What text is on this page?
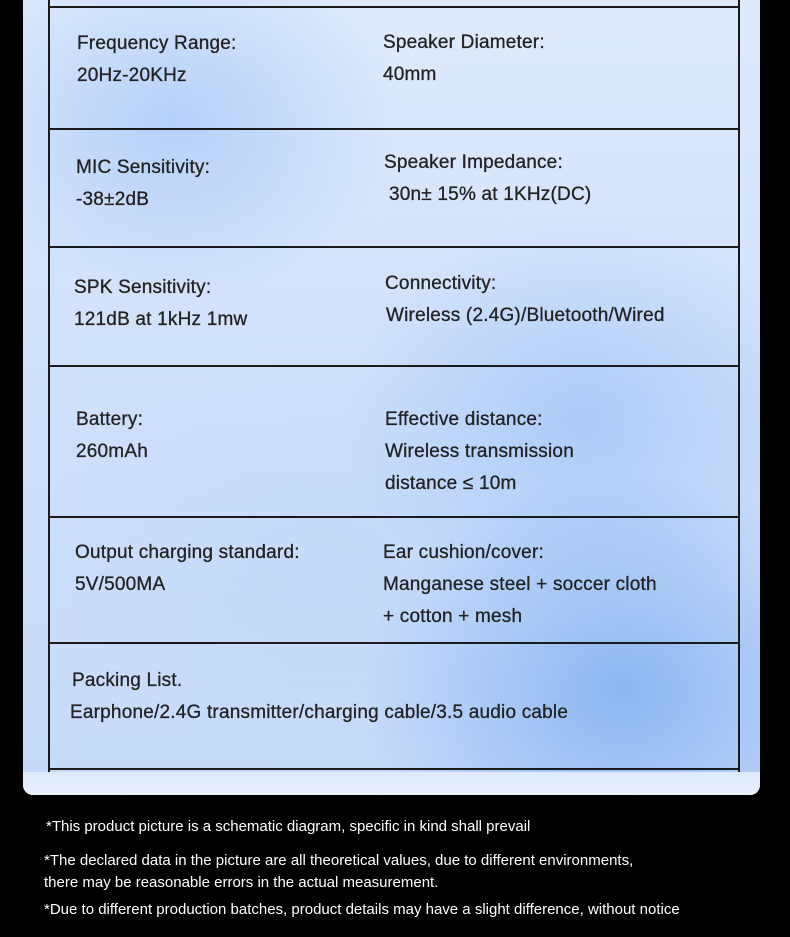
Frequency Range:
20Hz-20KHz
Speaker Diameter:
40mm
MIC Sensitivity:
-38±2dB
Speaker Impedance:
30n± 15% at 1KHz(DC)
SPK Sensitivity:
121dB at 1kHz 1mw
Connectivity:
Wireless (2.4G)/Bluetooth/Wired
Battery:
260mAh
Effective distance:
Wireless transmission
distance ≤ 10m
Output charging standard:
5V/500MA
Ear cushion/cover:
Manganese steel + soccer cloth
+ cotton + mesh
Packing List.
Earphone/2.4G transmitter/charging cable/3.5 audio cable
*This product picture is a schematic diagram, specific in kind shall prevail
*The declared data in the picture are all theoretical values, due to different environments,
there may be reasonable errors in the actual measurement.
*Due to different production batches, product details may have a slight difference, without notice
